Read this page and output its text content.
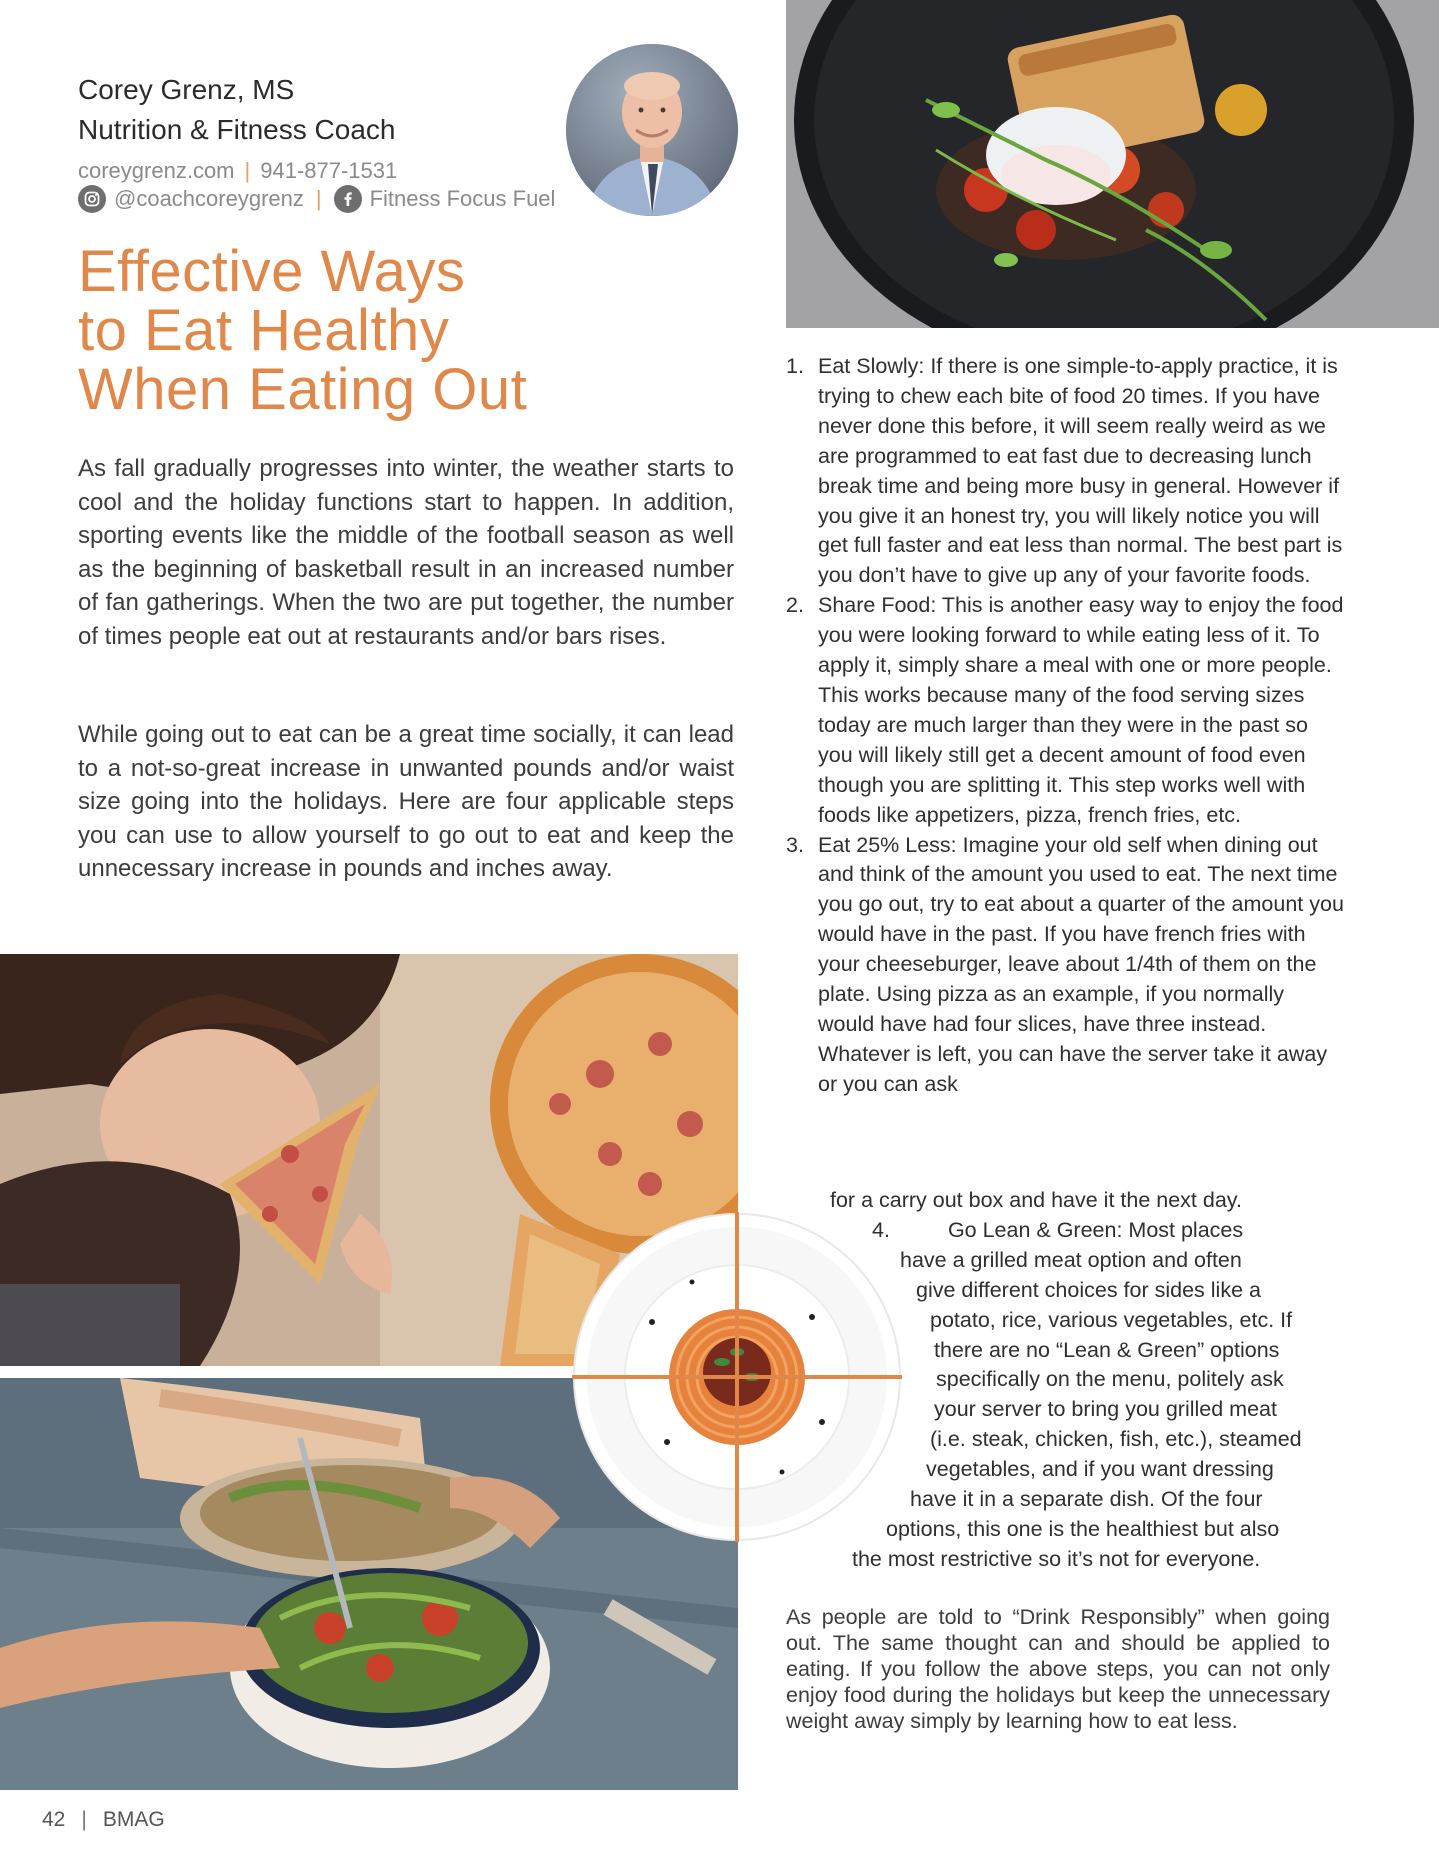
Corey Grenz, MS
Nutrition & Fitness Coach
coreygrenz.com | 941-877-1531
@coachcoreygrenz | Fitness Focus Fuel
Effective Ways
to Eat Healthy
When Eating Out

As fall gradually progresses into winter, the weather starts to cool and the holiday functions start to happen. In addition, sporting events like the middle of the football season as well as the beginning of basketball result in an increased number of fan gatherings. When the two are put together, the number of times people eat out at restaurants and/or bars rises.

While going out to eat can be a great time socially, it can lead to a not-so-great increase in unwanted pounds and/or waist size going into the holidays. Here are four applicable steps you can use to allow yourself to go out to eat and keep the unnecessary increase in pounds and inches away.

1. Eat Slowly: If there is one simple-to-apply practice, it is trying to chew each bite of food 20 times. If you have never done this before, it will seem really weird as we are programmed to eat fast due to decreasing lunch break time and being more busy in general. However if you give it an honest try, you will likely notice you will get full faster and eat less than normal. The best part is you don’t have to give up any of your favorite foods.
2. Share Food: This is another easy way to enjoy the food you were looking forward to while eating less of it. To apply it, simply share a meal with one or more people. This works because many of the food serving sizes today are much larger than they were in the past so you will likely still get a decent amount of food even though you are splitting it. This step works well with foods like appetizers, pizza, french fries, etc.
3. Eat 25% Less: Imagine your old self when dining out and think of the amount you used to eat. The next time you go out, try to eat about a quarter of the amount you would have in the past. If you have french fries with your cheeseburger, leave about 1/4th of them on the plate. Using pizza as an example, if you normally would have had four slices, have three instead. Whatever is left, you can have the server take it away or you can ask
for a carry out box and have it the next day.
4.	Go Lean & Green: Most places
have a grilled meat option and often
give different choices for sides like a
potato, rice, various vegetables, etc. If
there are no “Lean & Green” options
specifically on the menu, politely ask
your server to bring you grilled meat
(i.e. steak, chicken, fish, etc.), steamed
vegetables, and if you want dressing
have it in a separate dish. Of the four
options, this one is the healthiest but also
the most restrictive so it’s not for everyone.

As people are told to “Drink Responsibly” when going out. The same thought can and should be applied to eating. If you follow the above steps, you can not only enjoy food during the holidays but keep the unnecessary weight away simply by learning how to eat less.

42 | BMAG
